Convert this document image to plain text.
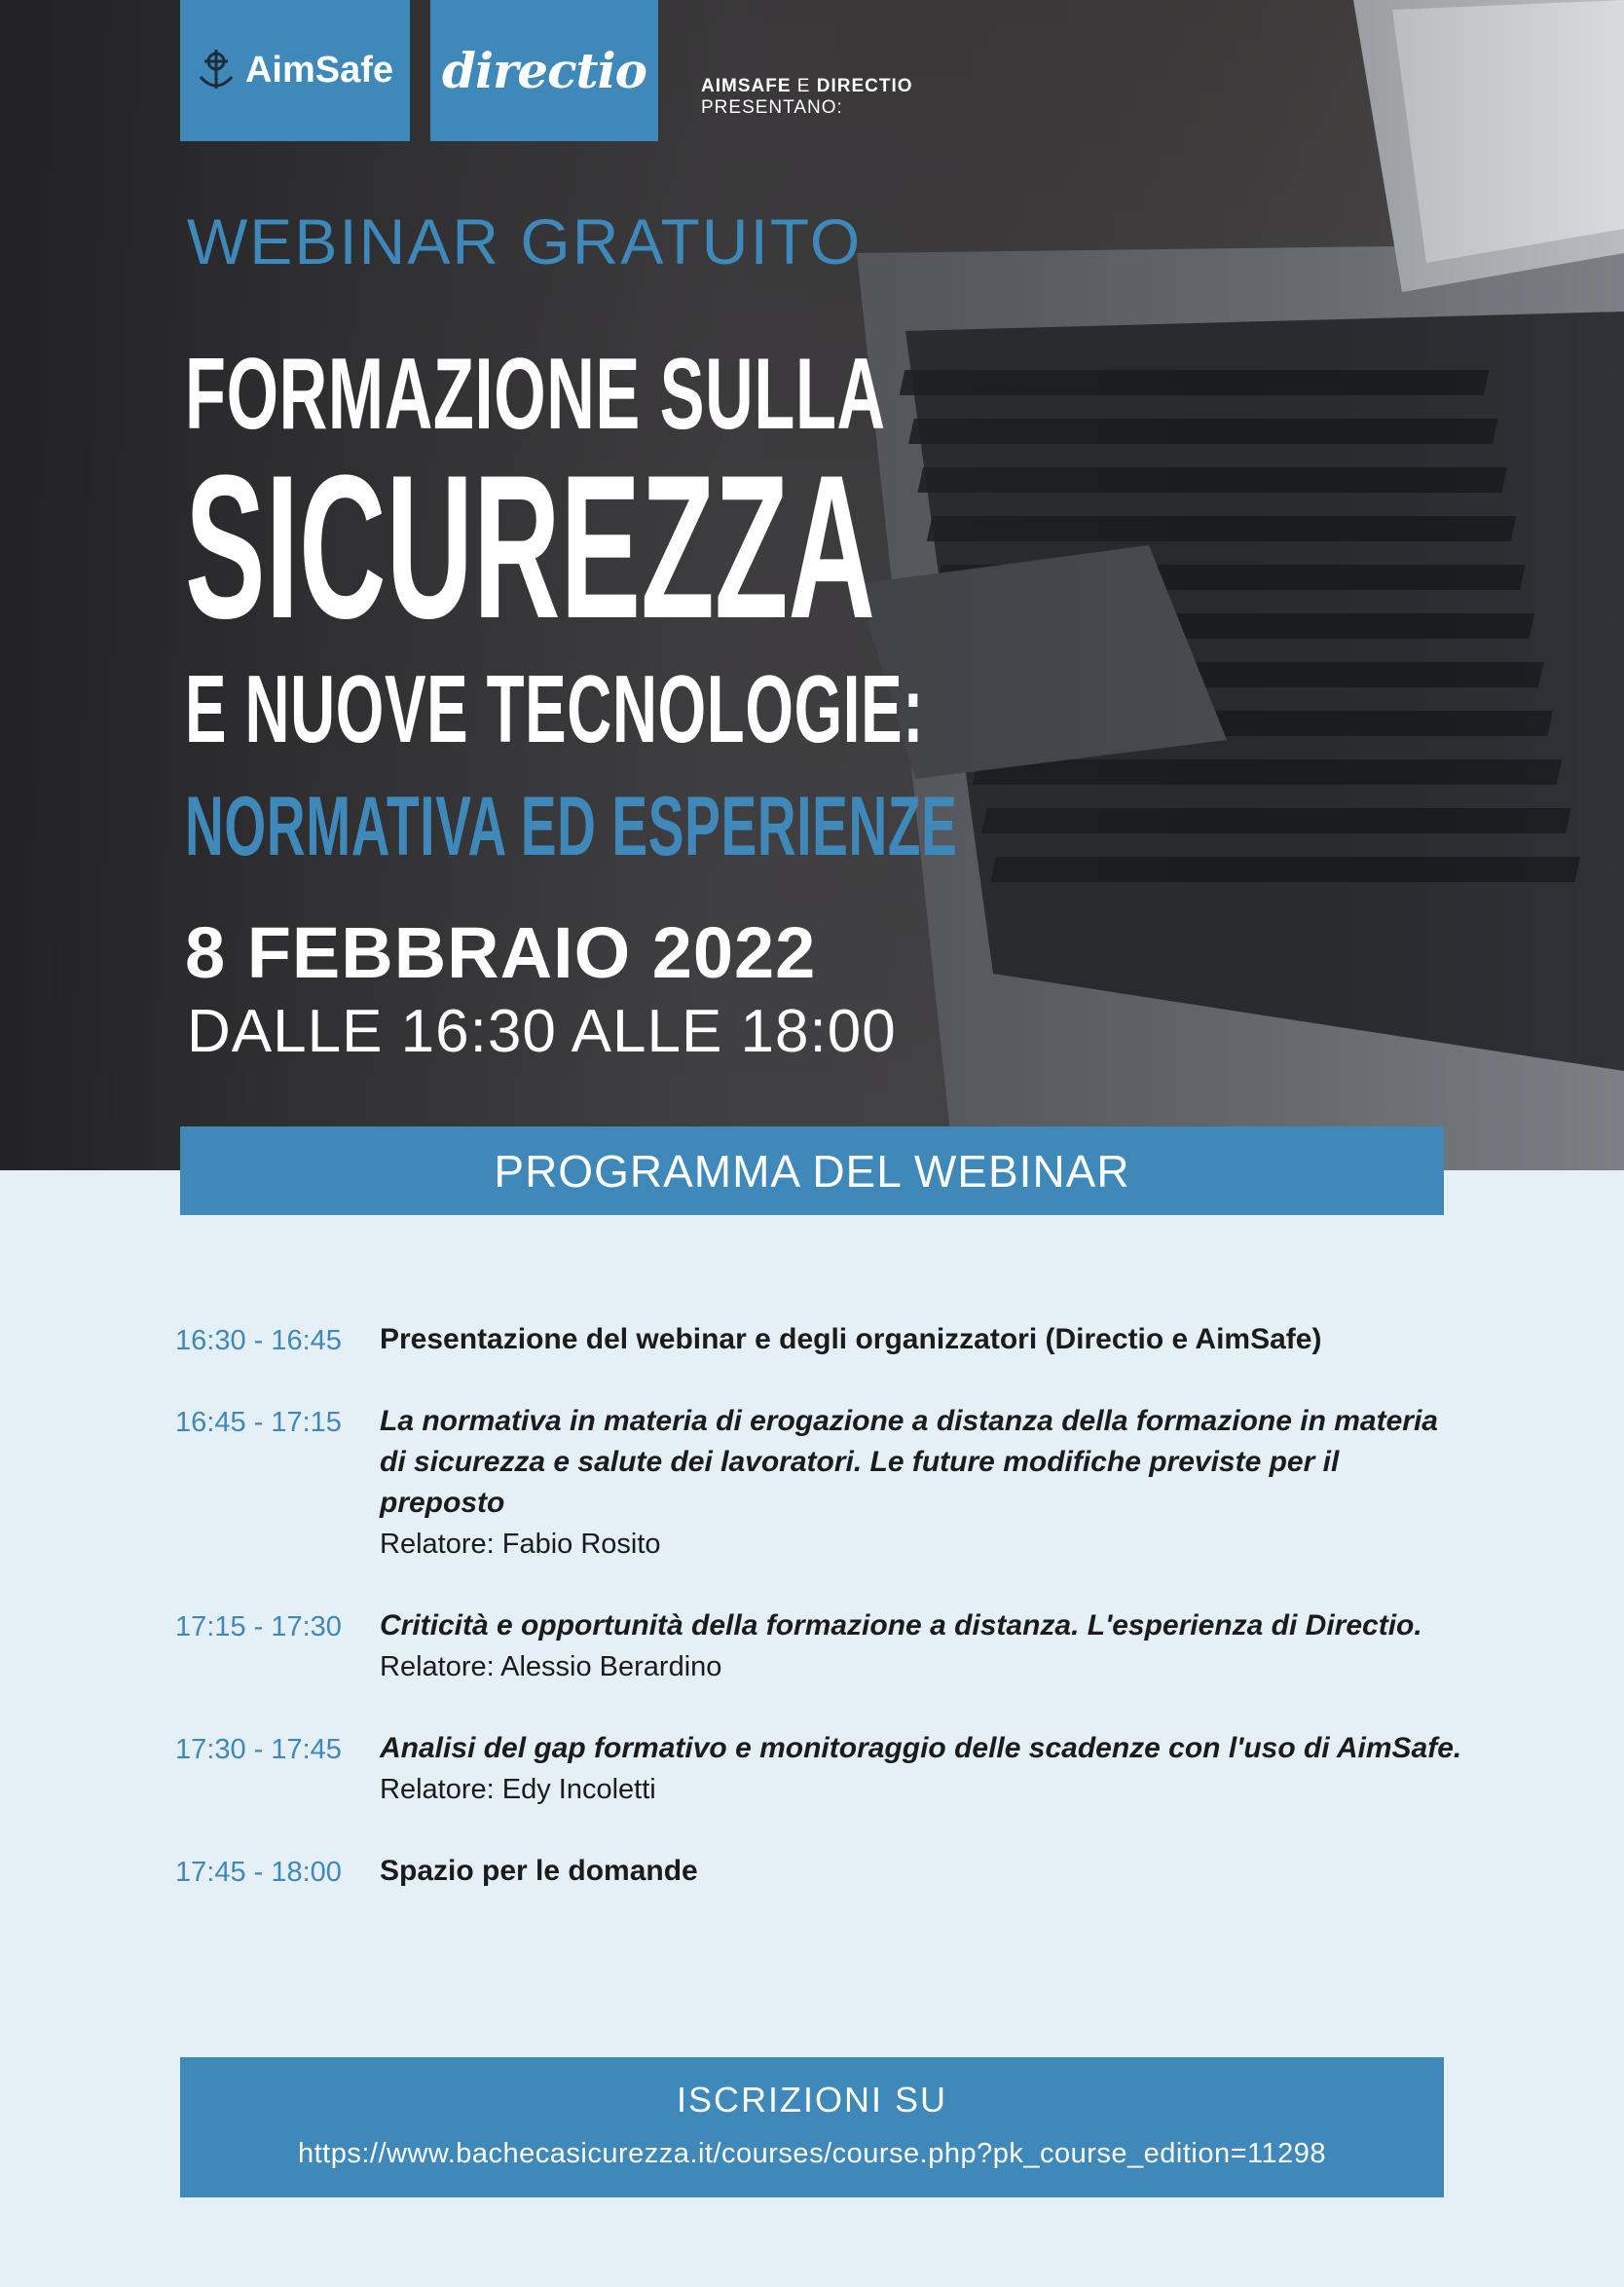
AimSafe directio	AIMSAFE E DIRECTIO
PRESENTANO:
WEBINAR GRATUITO
FORMAZIONE SULLA
SICUREZZA
E NUOVE TECNOLOGIE:
NORMATIVA ED ESPERIENZE
8 FEBBRAIO 2022
DALLE 16:30 ALLE 18:00
PROGRAMMA DEL WEBINAR
16:30 - 16:45	Presentazione del webinar e degli organizzatori (Directio e AimSafe)
16:45 - 17:15	La normativa in materia di erogazione a distanza della formazione in materia di sicurezza e salute dei lavoratori. Le future modifiche previste per il preposto
Relatore: Fabio Rosito
17:15 - 17:30	Criticità e opportunità della formazione a distanza. L'esperienza di Directio.
Relatore: Alessio Berardino
17:30 - 17:45	Analisi del gap formativo e monitoraggio delle scadenze con l'uso di AimSafe.
Relatore: Edy Incoletti
17:45 - 18:00	Spazio per le domande
ISCRIZIONI SU
https://www.bachecasicurezza.it/courses/course.php?pk_course_edition=11298
